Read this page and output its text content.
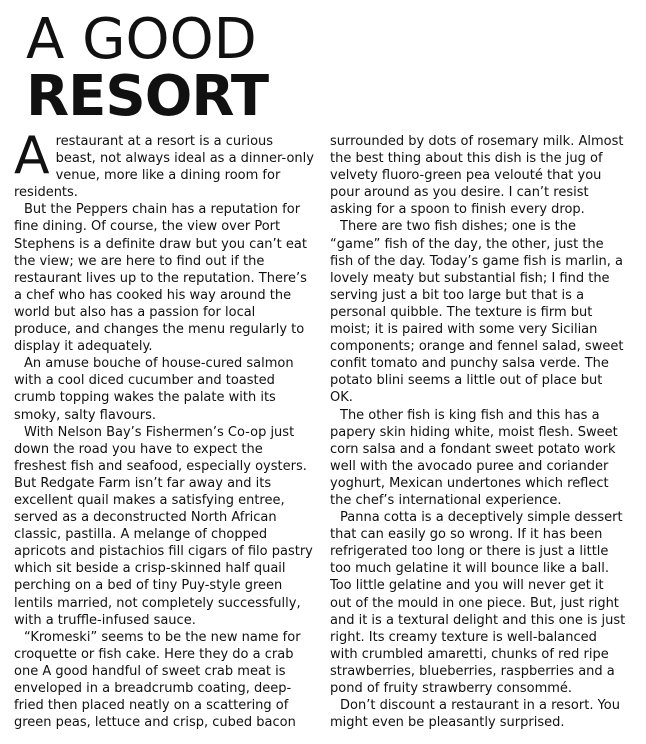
A GOOD
RESORT

Arestaurant at a resort is a curious beast, not always ideal as a dinner-only venue, more like a dining room for residents.

But the Peppers chain has a reputation for fine dining. Of course, the view over Port Stephens is a definite draw but you can’t eat the view; we are here to find out if the restaurant lives up to the reputation. There’s a chef who has cooked his way around the world but also has a passion for local produce, and changes the menu regularly to display it adequately.

An amuse bouche of house-cured salmon with a cool diced cucumber and toasted crumb topping wakes the palate with its smoky, salty flavours.

With Nelson Bay’s Fishermen’s Co-op just down the road you have to expect the freshest fish and seafood, especially oysters. But Redgate Farm isn’t far away and its excellent quail makes a satisfying entree, served as a deconstructed North African classic, pastilla. A melange of chopped apricots and pistachios fill cigars of filo pastry which sit beside a crisp-skinned half quail perching on a bed of tiny Puy-style green lentils married, not completely successfully, with a truffle-infused sauce.

“Kromeski” seems to be the new name for croquette or fish cake. Here they do a crab one A good handful of sweet crab meat is enveloped in a breadcrumb coating, deep-fried then placed neatly on a scattering of green peas, lettuce and crisp, cubed bacon

surrounded by dots of rosemary milk. Almost the best thing about this dish is the jug of velvety fluoro-green pea velouté that you pour around as you desire. I can’t resist asking for a spoon to finish every drop.

There are two fish dishes; one is the “game” fish of the day, the other, just the fish of the day. Today’s game fish is marlin, a lovely meaty but substantial fish; I find the serving just a bit too large but that is a personal quibble. The texture is firm but moist; it is paired with some very Sicilian components; orange and fennel salad, sweet confit tomato and punchy salsa verde. The potato blini seems a little out of place but OK.

The other fish is king fish and this has a papery skin hiding white, moist flesh. Sweet corn salsa and a fondant sweet potato work well with the avocado puree and coriander yoghurt, Mexican undertones which reflect the chef’s international experience.

Panna cotta is a deceptively simple dessert that can easily go so wrong. If it has been refrigerated too long or there is just a little too much gelatine it will bounce like a ball. Too little gelatine and you will never get it out of the mould in one piece. But, just right and it is a textural delight and this one is just right. Its creamy texture is well-balanced with crumbled amaretti, chunks of red ripe strawberries, blueberries, raspberries and a pond of fruity strawberry consommé.

Don’t discount a restaurant in a resort. You might even be pleasantly surprised.
